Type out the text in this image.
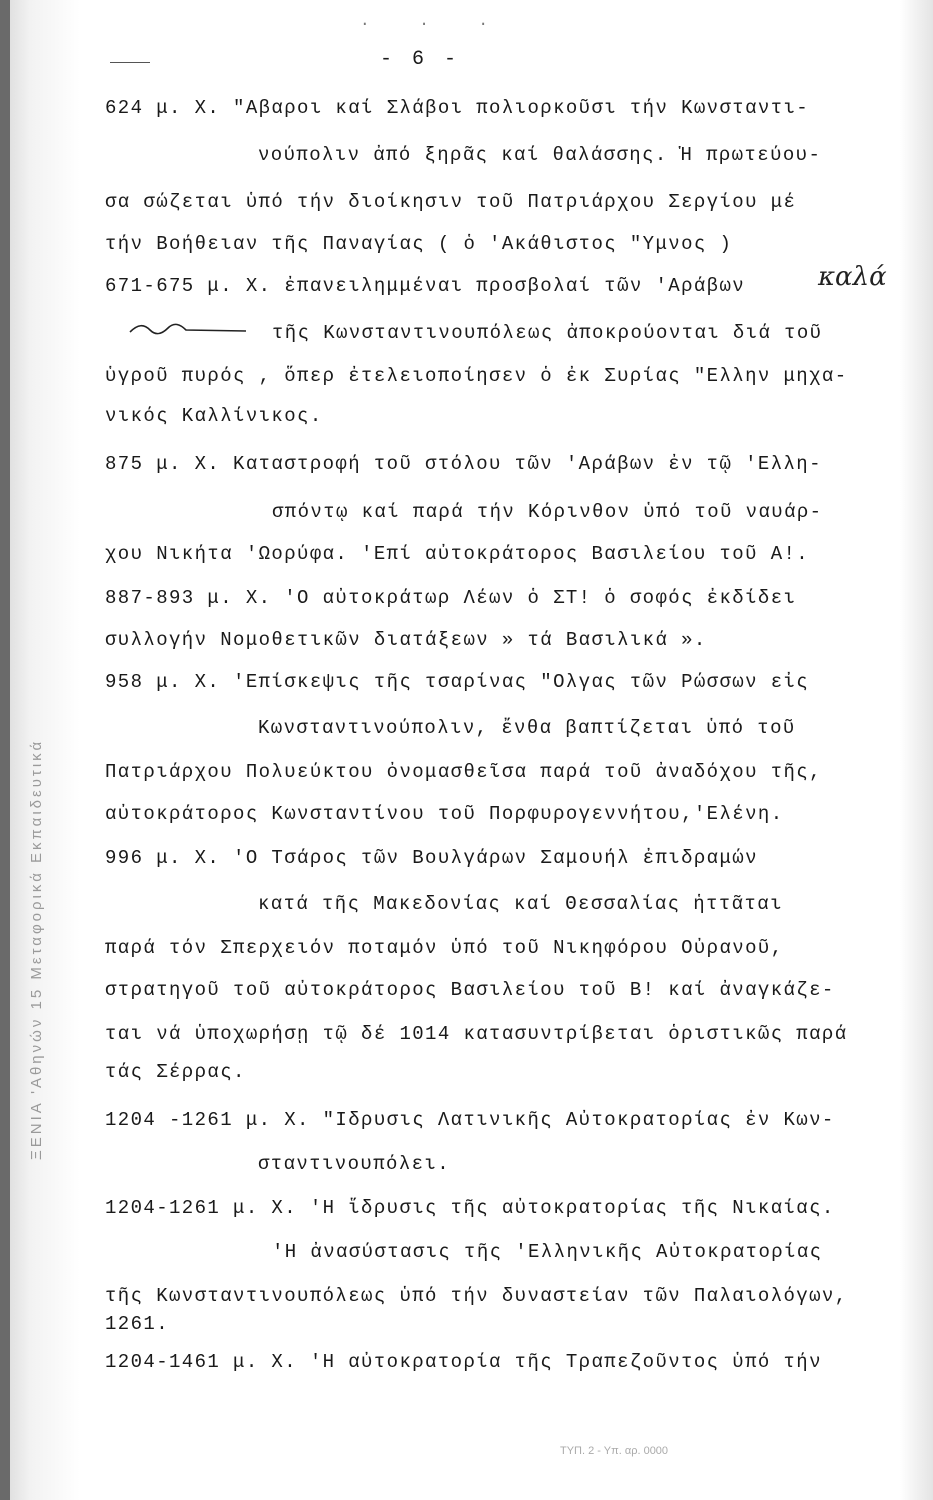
ΞΕΝΙΑ 'Αθηνών 15 Μεταφορικά Εκπαιδευτικά
. . .
- 6 -
624 μ. Χ. "Αβαροι καί Σλάβοι πολιορκοῦσι τήν Κωνσταντι-
νούπολιν ἀπό ξηρᾶς καί θαλάσσης. Ἡ πρωτεύου-
σα σώζεται ὑπό τήν διοίκησιν τοῦ Πατριάρχου Σεργίου μέ
τήν Βοήθειαν τῆς Παναγίας ( ὁ 'Ακάθιστος "Υμνος )
671-675 μ. Χ. ἐπανειλημμέναι προσβολαί τῶν 'Αράβων
τῆς Κωνσταντινουπόλεως ἀποκρούονται διά τοῦ
ὑγροῦ πυρός , ὅπερ ἐτελειοποίησεν ὁ ἐκ Συρίας "Ελλην μηχα-
νικός Καλλίνικος.
875 μ. Χ. Καταστροφή τοῦ στόλου τῶν 'Αράβων ἐν τῷ 'Ελλη-
σπόντῳ καί παρά τήν Κόρινθον ὑπό τοῦ ναυάρ-
χου Νικήτα 'Ωορύφα. 'Επί αὐτοκράτορος Βασιλείου τοῦ Α!.
887-893 μ. Χ. 'Ο αὐτοκράτωρ Λέων ὁ ΣΤ! ὁ σοφός ἐκδίδει
συλλογήν Νομοθετικῶν διατάξεων » τά Βασιλικά ».
958 μ. Χ. 'Επίσκεψις τῆς τσαρίνας "Ολγας τῶν Ρώσσων εἰς
Κωνσταντινούπολιν, ἔνθα βαπτίζεται ὑπό τοῦ
Πατριάρχου Πολυεύκτου ὀνομασθεῖσα παρά τοῦ ἀναδόχου τῆς,
αὐτοκράτορος Κωνσταντίνου τοῦ Πορφυρογεννήτου,'Ελένη.
996 μ. Χ. 'Ο Τσάρος τῶν Βουλγάρων Σαμουήλ ἐπιδραμών
κατά τῆς Μακεδονίας καί Θεσσαλίας ἡττᾶται
παρά τόν Σπερχειόν ποταμόν ὑπό τοῦ Νικηφόρου Οὐρανοῦ,
στρατηγοῦ τοῦ αὐτοκράτορος Βασιλείου τοῦ Β! καί ἀναγκάζε-
ται νά ὑποχωρήσῃ τῷ δέ 1014 κατασυντρίβεται ὁριστικῶς παρά
τάς Σέρρας.
1204 -1261 μ. Χ. "Ιδρυσις Λατινικῆς Αὐτοκρατορίας ἐν Κων-
σταντινουπόλει.
1204-1261 μ. Χ. 'Η ἵδρυσις τῆς αὐτοκρατορίας τῆς Νικαίας.
'Η ἀνασύστασις τῆς 'Ελληνικῆς Αὐτοκρατορίας
τῆς Κωνσταντινουπόλεως ὑπό τήν δυναστείαν τῶν Παλαιολόγων,
1261.
1204-1461 μ. Χ. 'Η αὐτοκρατορία τῆς Τραπεζοῦντος ὑπό τήν
καλά
ΤΥΠ. 2 - Υπ. αρ. 0000
